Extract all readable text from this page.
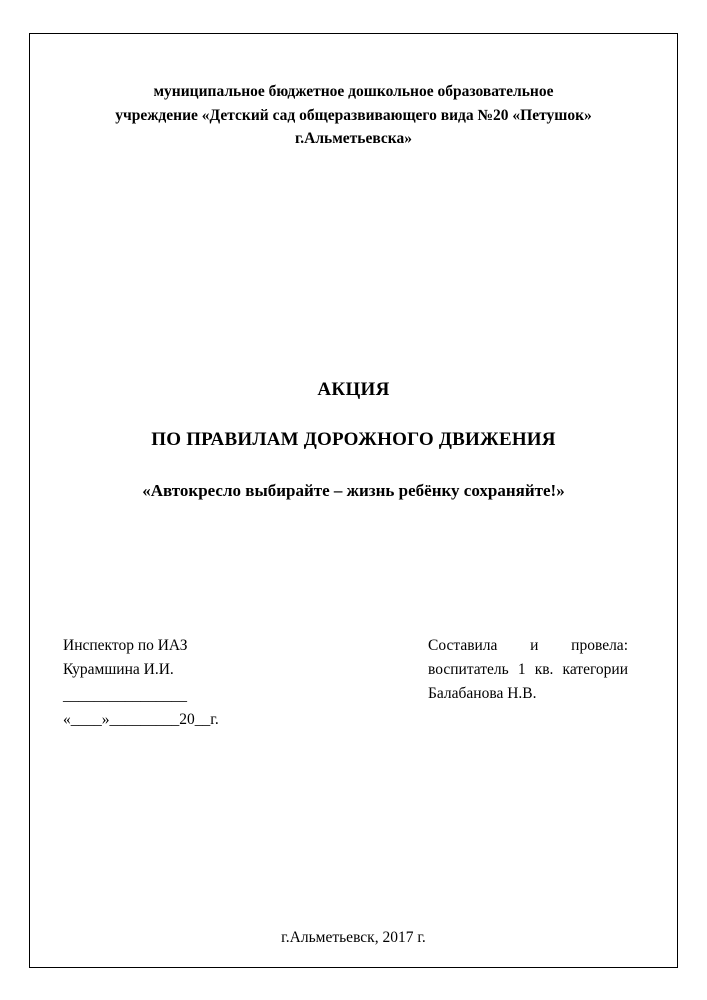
муниципальное бюджетное дошкольное образовательное
учреждение «Детский сад общеразвивающего вида №20 «Петушок»
г.Альметьевска»
АКЦИЯ
ПО ПРАВИЛАМ ДОРОЖНОГО ДВИЖЕНИЯ
«Автокресло выбирайте – жизнь ребёнку сохраняйте!»
Инспектор по ИАЗ
Курамшина И.И.
________________
«____»_________20__г.
Составила и провела:
воспитатель 1 кв. категории
Балабанова Н.В.
г.Альметьевск, 2017 г.
